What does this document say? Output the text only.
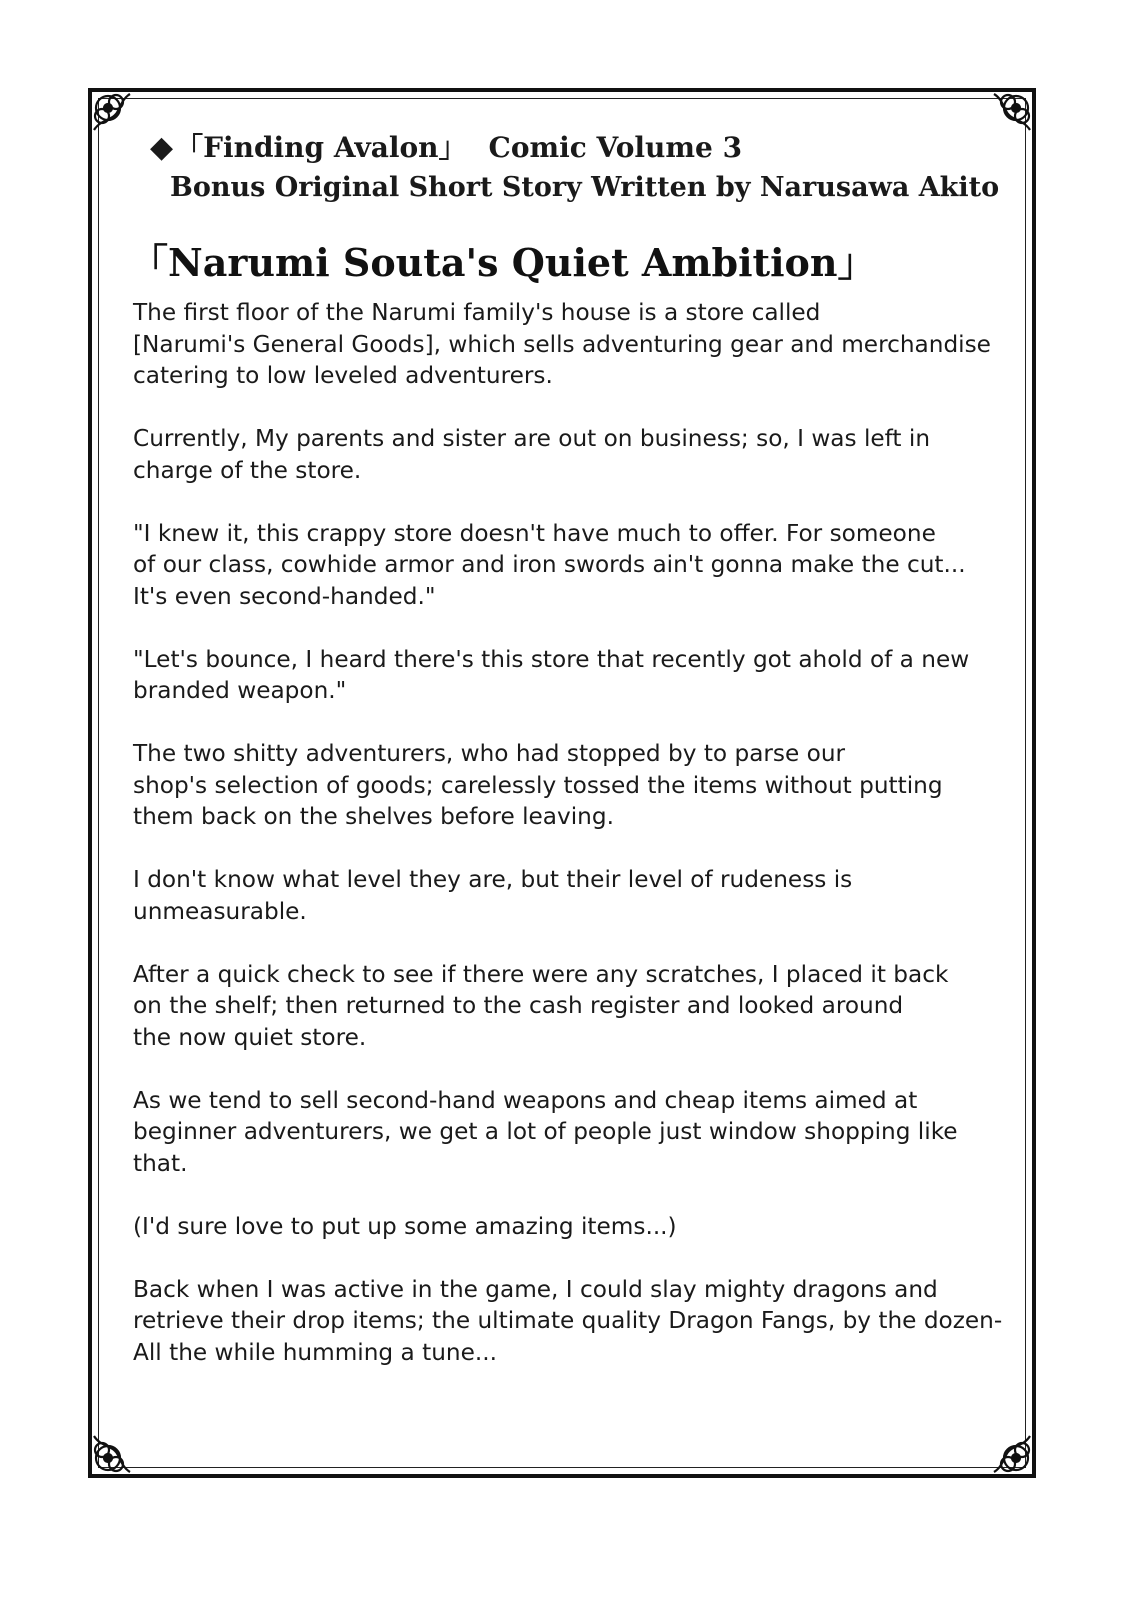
◆「Finding Avalon」 Comic Volume 3
Bonus Original Short Story Written by Narusawa Akito
「Narumi Souta's Quiet Ambition」

The first floor of the Narumi family's house is a store called
[Narumi's General Goods], which sells adventuring gear and merchandise
catering to low leveled adventurers.

Currently, My parents and sister are out on business; so, I was left in
charge of the store.

"I knew it, this crappy store doesn't have much to offer. For someone
of our class, cowhide armor and iron swords ain't gonna make the cut...
It's even second-handed."

"Let's bounce, I heard there's this store that recently got ahold of a new
branded weapon."

The two shitty adventurers, who had stopped by to parse our
shop's selection of goods; carelessly tossed the items without putting
them back on the shelves before leaving.

I don't know what level they are, but their level of rudeness is
unmeasurable.

After a quick check to see if there were any scratches, I placed it back
on the shelf; then returned to the cash register and looked around
the now quiet store.

As we tend to sell second-hand weapons and cheap items aimed at
beginner adventurers, we get a lot of people just window shopping like
that.

(I'd sure love to put up some amazing items...)

Back when I was active in the game, I could slay mighty dragons and
retrieve their drop items; the ultimate quality Dragon Fangs, by the dozen-
All the while humming a tune...
